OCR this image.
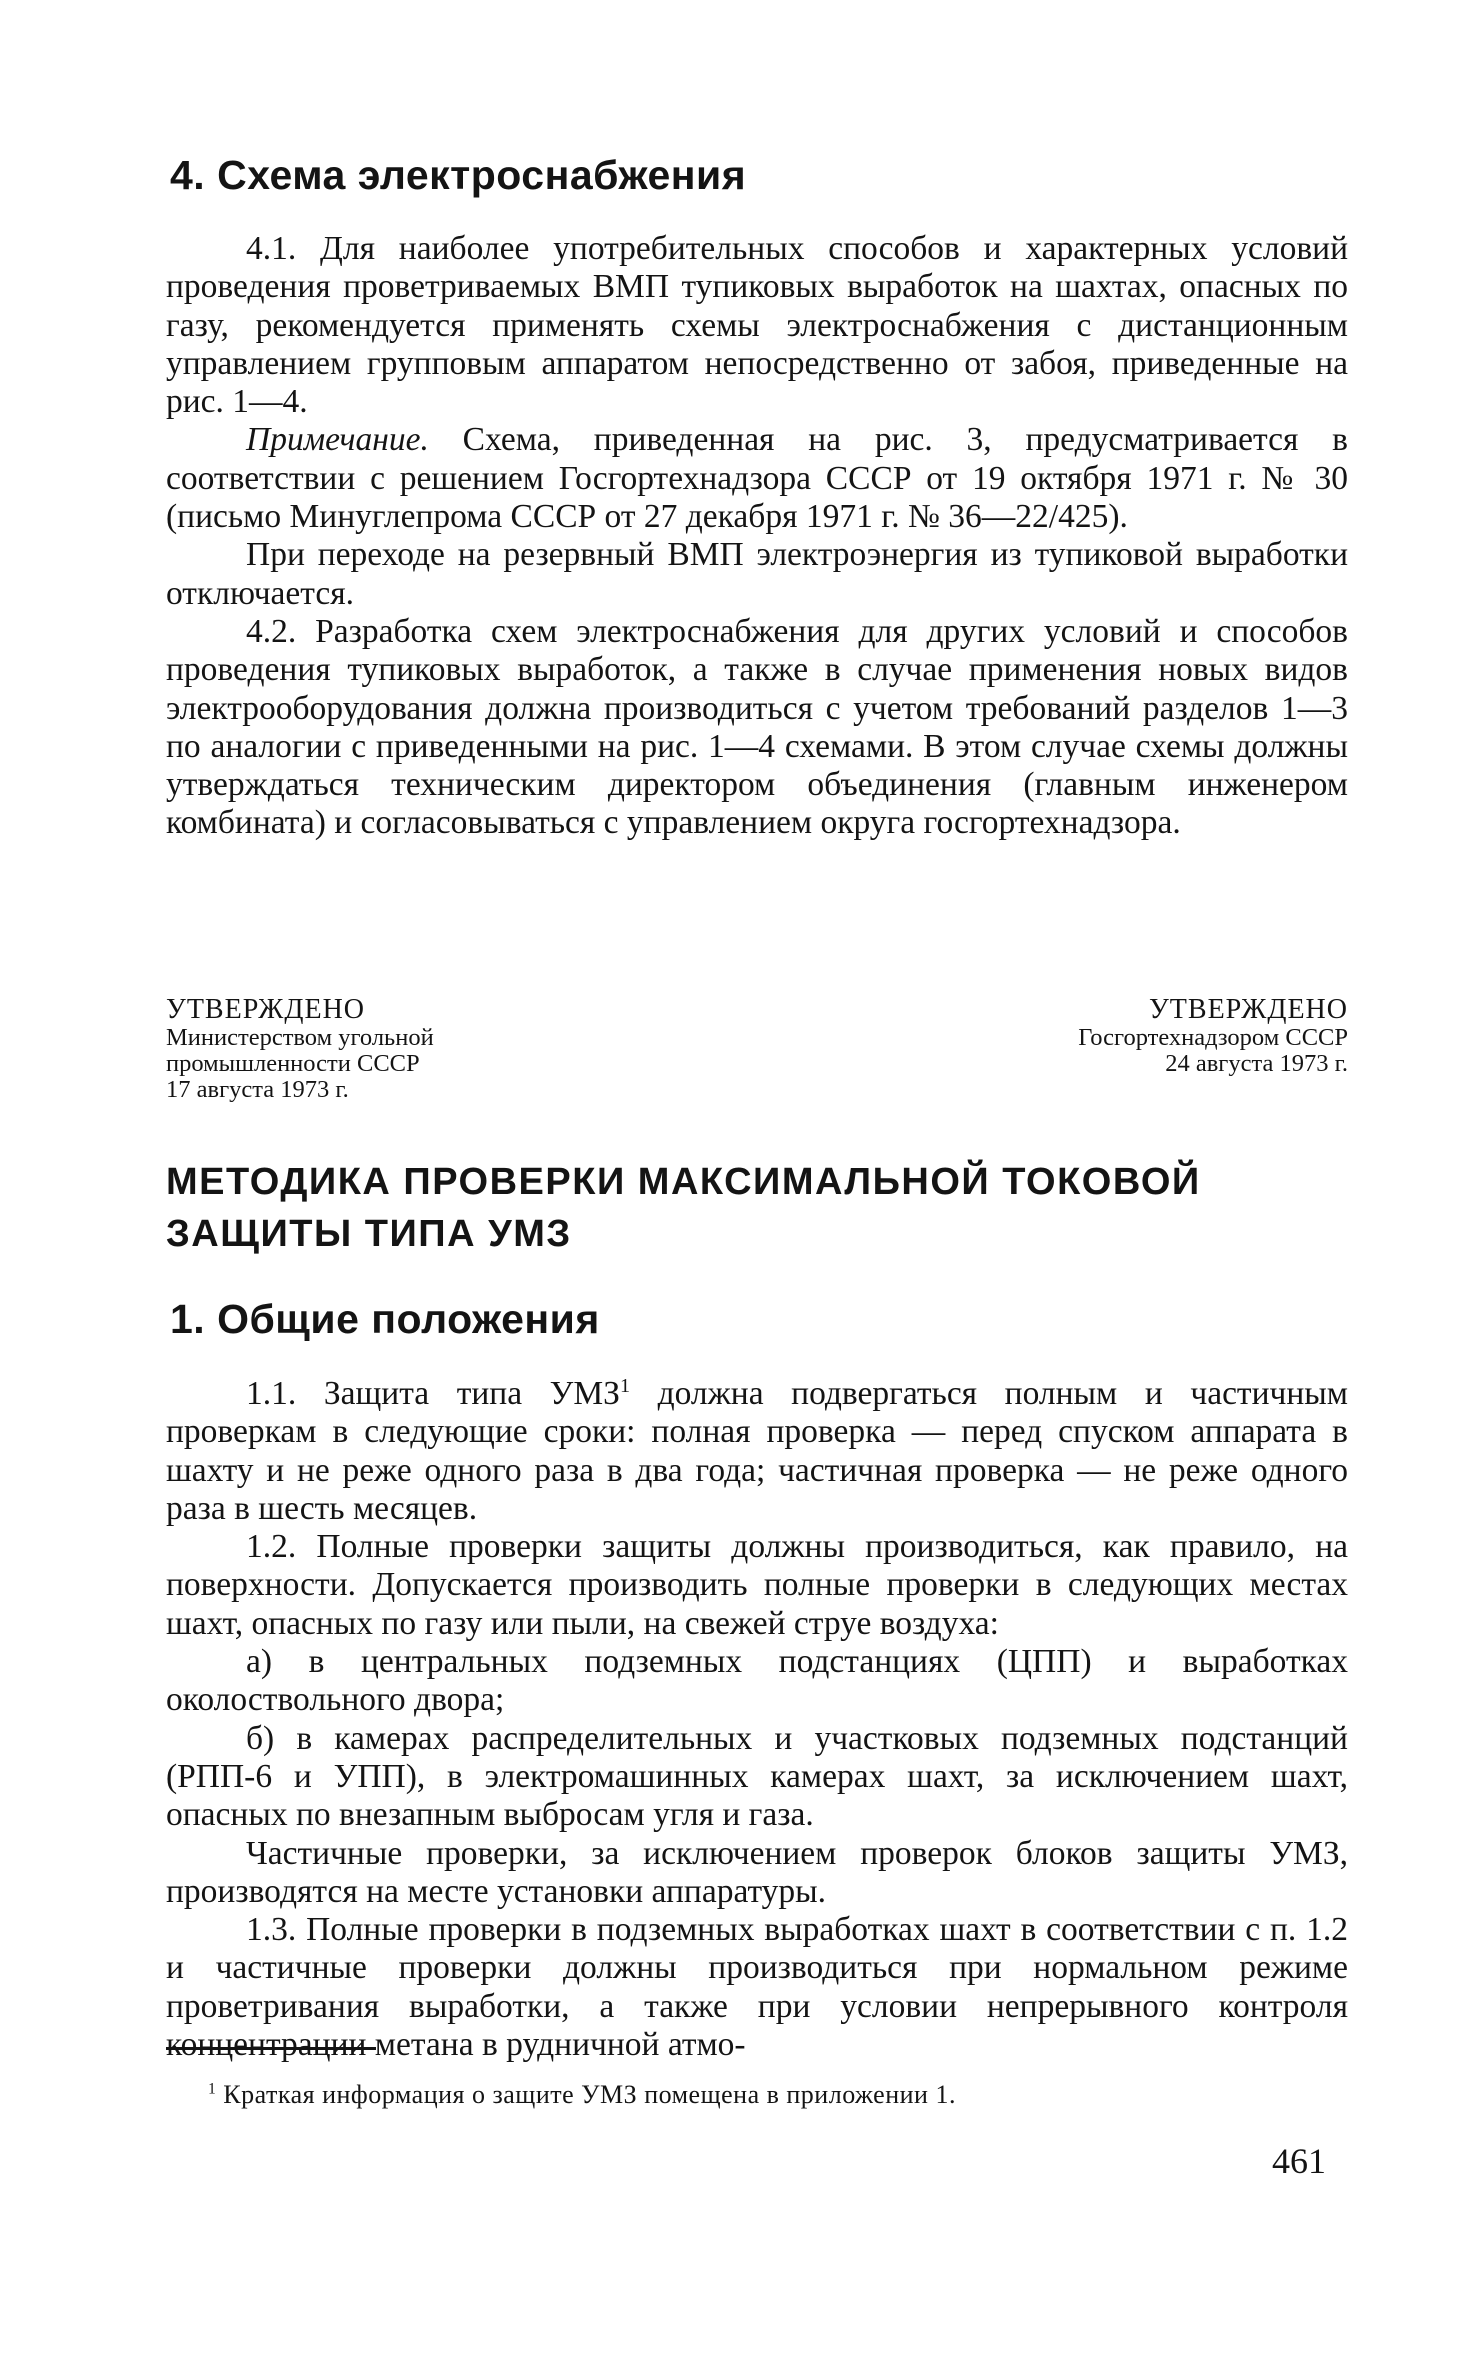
4. Схема электроснабжения

4.1. Для наиболее употребительных способов и характерных условий проведения проветриваемых ВМП тупиковых выработок на шахтах, опасных по газу, рекомендуется применять схемы электроснабжения с дистанционным управлением групповым аппаратом непосредственно от забоя, приведенные на рис. 1—4.

Примечание. Схема, приведенная на рис. 3, предусматривается в соответствии с решением Госгортехнадзора СССР от 19 октября 1971 г. № 30 (письмо Минуглепрома СССР от 27 декабря 1971 г. № 36—22/425).

При переходе на резервный ВМП электроэнергия из тупиковой выработки отключается.

4.2. Разработка схем электроснабжения для других условий и способов проведения тупиковых выработок, а также в случае применения новых видов электрооборудования должна производиться с учетом требований разделов 1—3 по аналогии с приведенными на рис. 1—4 схемами. В этом случае схемы должны утверждаться техническим директором объединения (главным инженером комбината) и согласовываться с управлением округа госгортехнадзора.

УТВЕРЖДЕНО
Министерством угольной
промышленности СССР
17 августа 1973 г.
УТВЕРЖДЕНО
Госгортехнадзором СССР
24 августа 1973 г.
МЕТОДИКА ПРОВЕРКИ МАКСИМАЛЬНОЙ ТОКОВОЙ
ЗАЩИТЫ ТИПА УМЗ
1. Общие положения

1.1. Защита типа УМЗ$^1$ должна подвергаться полным и частичным проверкам в следующие сроки: полная проверка — перед спуском аппарата в шахту и не реже одного раза в два года; частичная проверка — не реже одного раза в шесть месяцев.

1.2. Полные проверки защиты должны производиться, как правило, на поверхности. Допускается производить полные проверки в следующих местах шахт, опасных по газу или пыли, на свежей струе воздуха:

а) в центральных подземных подстанциях (ЦПП) и выработках околоствольного двора;

б) в камерах распределительных и участковых подземных подстанций (РПП-6 и УПП), в электромашинных камерах шахт, за исключением шахт, опасных по внезапным выбросам угля и газа.

Частичные проверки, за исключением проверок блоков защиты УМЗ, производятся на месте установки аппаратуры.

1.3. Полные проверки в подземных выработках шахт в соответствии с п. 1.2 и частичные проверки должны производиться при нормальном режиме проветривания выработки, а также при условии непрерывного контроля концентрации метана в рудничной атмо-

$^1$ Краткая информация о защите УМЗ помещена в приложении 1.

461
